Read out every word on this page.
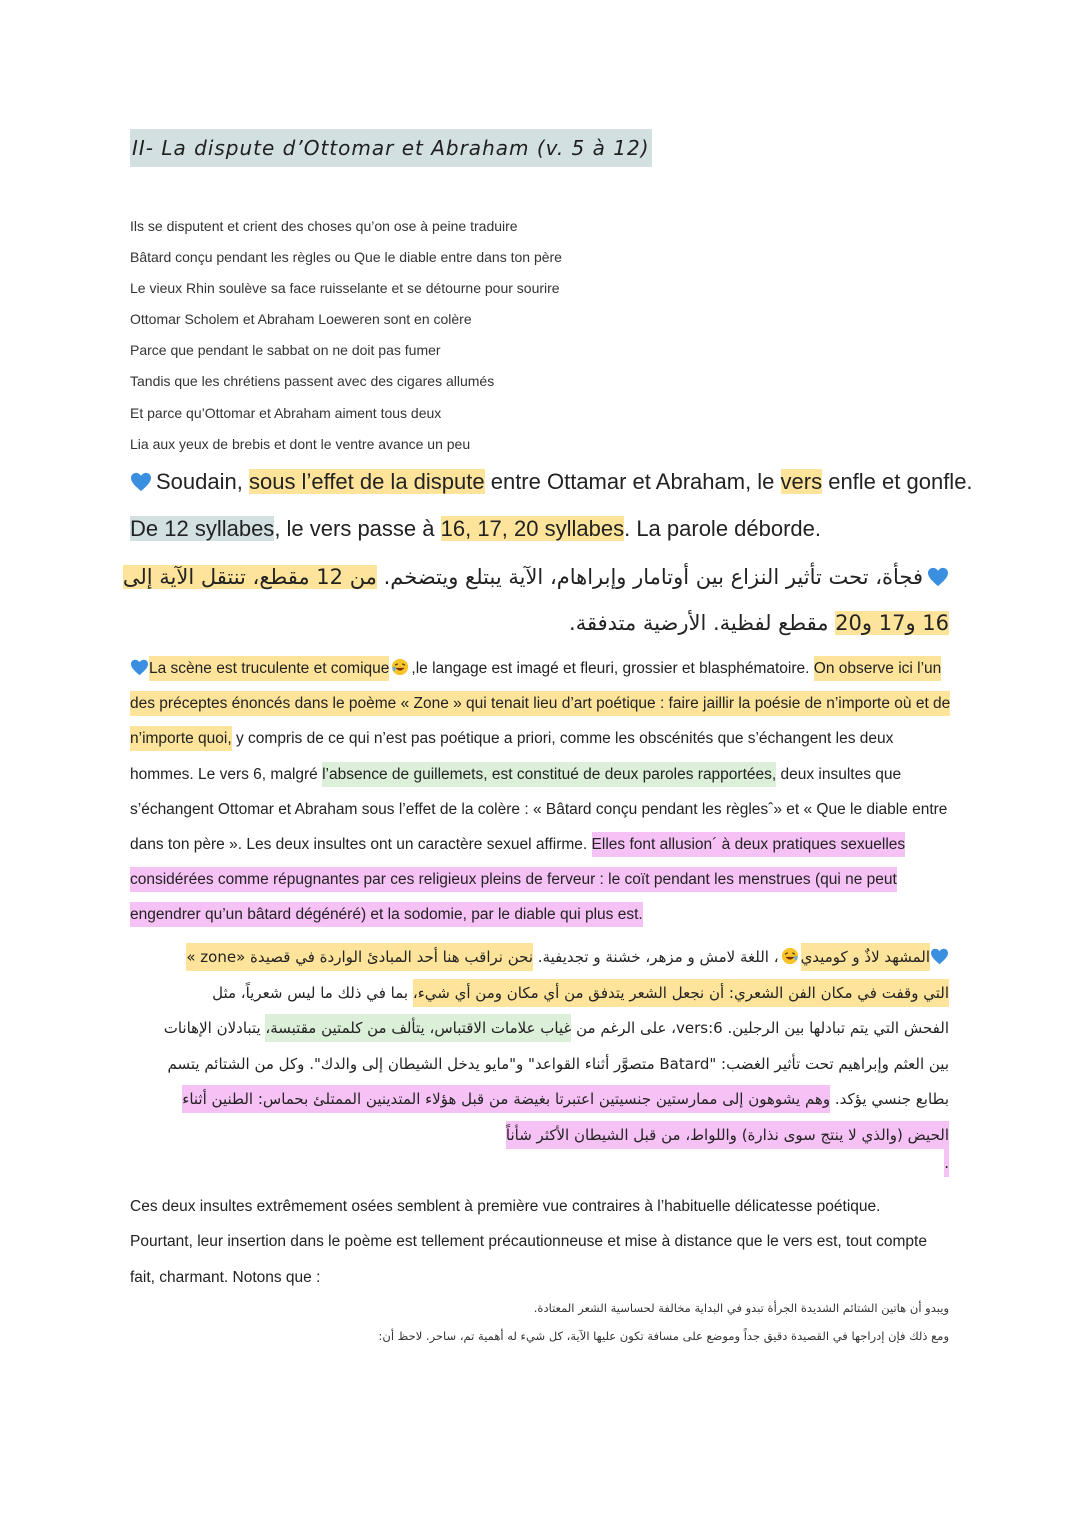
II- La dispute d’Ottomar et Abraham (v. 5 à 12)
Ils se disputent et crient des choses qu’on ose à peine traduire
Bâtard conçu pendant les règles ou Que le diable entre dans ton père
Le vieux Rhin soulève sa face ruisselante et se détourne pour sourire
Ottomar Scholem et Abraham Loeweren sont en colère
Parce que pendant le sabbat on ne doit pas fumer
Tandis que les chrétiens passent avec des cigares allumés
Et parce qu’Ottomar et Abraham aiment tous deux
Lia aux yeux de brebis et dont le ventre avance un peu
Soudain, sous l’effet de la dispute entre Ottamar et Abraham, le vers enfle et gonfle.
De 12 syllabes, le vers passe à 16, 17, 20 syllabes. La parole déborde.
فجأة، تحت تأثير النزاع بين أوتامار وإبراهام، الآية يبتلع ويتضخم. من 12 مقطع، تنتقل الآية إلى
16 و17 و20 مقطع لفظية. الأرضية متدفقة.
La scène est truculente et comique ,le langage est imagé et fleuri, grossier et blasphématoire. On observe ici l’un
des préceptes énoncés dans le poème « Zone » qui tenait lieu d’art poétique : faire jaillir la poésie de n’importe où et de
n’importe quoi, y compris de ce qui n’est pas poétique a priori, comme les obscénités que s’échangent les deux
hommes. Le vers 6, malgré l’absence de guillemets, est constitué de deux paroles rapportées, deux insultes que
s’échangent Ottomar et Abraham sous l’effet de la colère : « Bâtard conçu pendant les règlesˆ» et « Que le diable entre
dans ton père ». Les deux insultes ont un caractère sexuel affirme. Elles font allusion´ à deux pratiques sexuelles
considérées comme répugnantes par ces religieux pleins de ferveur : le coït pendant les menstrues (qui ne peut
engendrer qu’un bâtard dégénéré) et la sodomie, par le diable qui plus est.
المشهد لاذٌ و كوميدي، اللغة لامش و مزهر، خشنة و تجديفية. نحن نراقب هنا أحد المبادئ الواردة في قصيدة «zone »
التي وقفت في مكان الفن الشعري: أن نجعل الشعر يتدفق من أي مكان ومن أي شيء، بما في ذلك ما ليس شعرياً، مثل
الفحش التي يتم تبادلها بين الرجلين. vers:6، على الرغم من غياب علامات الاقتباس، يتألف من كلمتين مقتبسة، يتبادلان الإهانات
بين العثم وإبراهيم تحت تأثير الغضب: "Batard متصوَّر أثناء القواعد" و"مايو يدخل الشيطان إلى والدك". وكل من الشتائم يتسم
بطابع جنسي يؤكد. وهم يشوهون إلى ممارستين جنسيتين اعتبرتا بغيضة من قبل هؤلاء المتدينين الممتلئ بحماس: الطنين أثناء
الحيض (والذي لا ينتج سوى نذارة) واللواط، من قبل الشيطان الأكثر شأناً
.
Ces deux insultes extrêmement osées semblent à première vue contraires à l’habituelle délicatesse poétique.
Pourtant, leur insertion dans le poème est tellement précautionneuse et mise à distance que le vers est, tout compte
fait, charmant. Notons que :
ويبدو أن هاتين الشتائم الشديدة الجرأة تبدو في البداية مخالفة لحساسية الشعر المعتادة.
ومع ذلك فإن إدراجها في القصيدة دقيق جداً وموضع على مسافة تكون عليها الآية، كل شيء له أهمية تم، ساحر. لاحظ أن:
